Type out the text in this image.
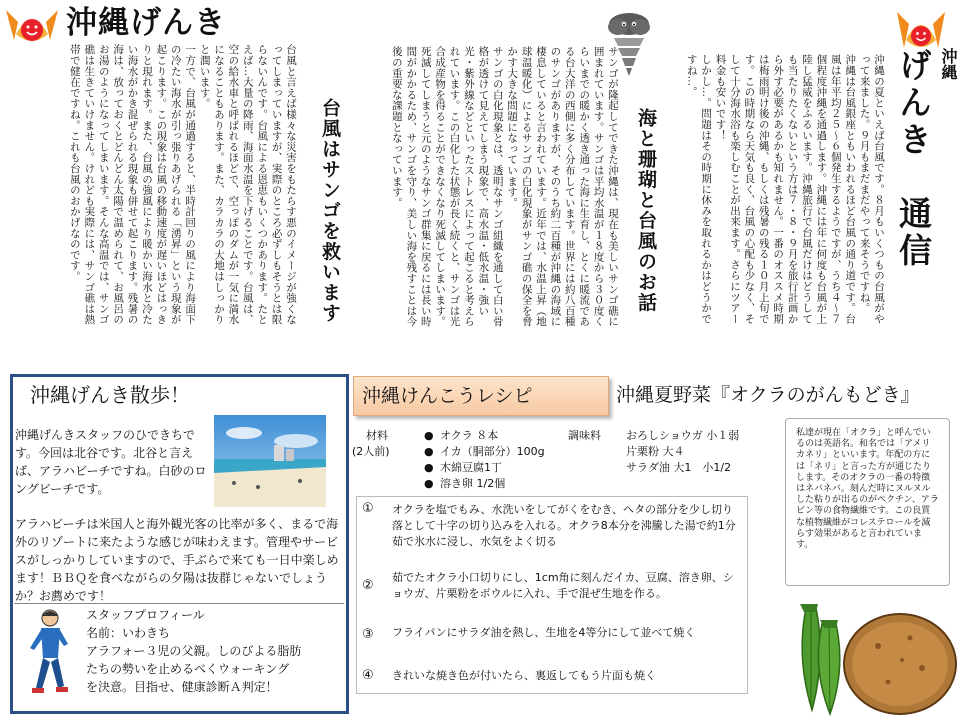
沖縄げんき
沖縄
げんき　通信

沖縄の夏といえば台風です。８月もいくつもの台風がやって来ました。９月もまだまだやって来そうですね。

沖縄は台風銀座ともいわれるほど台風の通り道です。台風は年平均２５～６個発生するようですが、うち４～７個程度沖縄を通過します。沖縄には年に何度も台風が上陸し猛威をふるいます。沖縄旅行で台風だけはどうしても当たりたくないという方は７・８・９月を旅行計画から外す必要があるかも知れません。一番のオススメ時期は梅雨明け後の沖縄、もしくは残暑の残る１０月上旬です。この時期なら天気も良く、台風の心配も少なく、そして十分海水浴も楽しむことが出来ます。さらにツアー料金も安いです！

しかし…。問題はその時期に休みを取れるかはどうかですね…。

海と珊瑚と台風のお話

サンゴが隆起してできた沖縄は、現在も美しいサンゴ礁に囲まれています。サンゴは平均水温が１８度から３０度くらいまでの暖かく透き通った海に生育し、とくに暖流である台大洋の西側に多く分布しています。世界には約八百種のサンゴがありますが、そのうち約二百種が沖縄の海域に棲息していると言われています。近年では、水温上昇（地球温暖化）によるサンゴの白化現象がサンゴ礁の保全を脅かす大きな問題になっています。

サンゴの白化現象とは、透明なサンゴ組織を通して白い骨格が透けて見えてしまう現象で、高水温・低水温・強い光・紫外線などといったストレスによって起こると考えられています。この白化した状態が長く続くと、サンゴは光合成産物を得ることができなくなり死滅してしまいます。死滅してしまうと元のようなサンゴ群集に戻るには長い時間がかかるため、サンゴを守り、美しい海を残すことは今後の重要な課題となっています。

台風はサンゴを救います

台風と言えば様々な災害をもたらす悪のイメージが強くなってしまっていますが、実際のところ必ずしもそうとは限らないんです。台風による恩恵もいくつかあります。たとえば…大量の降雨、海面水温を下げることです。台風は、空の給水車と呼ばれるほどで、空っぽのダムが一気に満水になることもあります。また、カラカラの大地はしっかりと潤います。

一方で、台風が通過すると、半時計回りの風により海面下の冷たい海水が引っ張りあげられる「湧昇」という現象が起こります。この現象は台風の移動速度が遅いほどはっきりと現れます。また、台風の強風により暖かい海水と冷たい海水がかき混ぜられる現象も併せて起こります。残暑の海は、放っておくとどんどん太陽で温められて、お風呂のお湯のようになってしまいます。そんな高温では、サンゴ礁は生きていけません。けれども実際には、サンゴ礁は熱帯で健在ですね。これも台風のおかげなのです。

沖縄げんき散歩！
沖縄げんきスタッフのひできちです。今回は北谷です。北谷と言えば、アラハビーチですね。白砂のロングビーチです。
アラハビーチは米国人と海外観光客の比率が多く、まるで海外のリゾートに来たような感じが味わえます。管理やサービスがしっかりしていますので、手ぶらで来ても一日中楽しめます！ＢＢＱを食べながらの夕陽は抜群じゃないでしょうか？お薦めです！
スタッフプロフィール
名前：いわきち
アラフォー３児の父親。しのびよる脂肪
たちの勢いを止めるべくウォーキング
を決意。目指せ、健康診断Ａ判定！
沖縄けんこうレシピ	沖縄夏野菜『オクラのがんもどき』
材料
(2人前)
● オクラ ８本
● イカ（胴部分）100g
● 木綿豆腐1丁
● 溶き卵 1/2個
調味料 おろしショウガ 小１弱
片栗粉 大４
サラダ油 大1　小1/2
① オクラを塩でもみ、水洗いをしてがくをむき、ヘタの部分を少し切り落として十字の切り込みを入れる。オクラ8本分を沸騰した湯で約1分茹で氷水に浸し、水気をよく切る
②
茹でたオクラ小口切りにし、1cm角に刻んだイカ、豆腐、溶き卵、ショウガ、片栗粉をボウルに入れ、手で混ぜ生地を作る。
③ フライパンにサラダ油を熱し、生地を4等分にして並べて焼く
④ きれいな焼き色が付いたら、裏返してもう片面も焼く
私達が現在「オクラ」と呼んでいるのは英語名。和名では「アメリカネリ」といいます。年配の方には「ネリ」と言った方が通じたりします。そのオクラの一番の特徴はネバネバ。刻んだ時にヌルヌルした粘りが出るのがペクチン、アラビン等の食物繊維です。この良質な植物繊維がコレステロールを減らす効果があると言われています。
